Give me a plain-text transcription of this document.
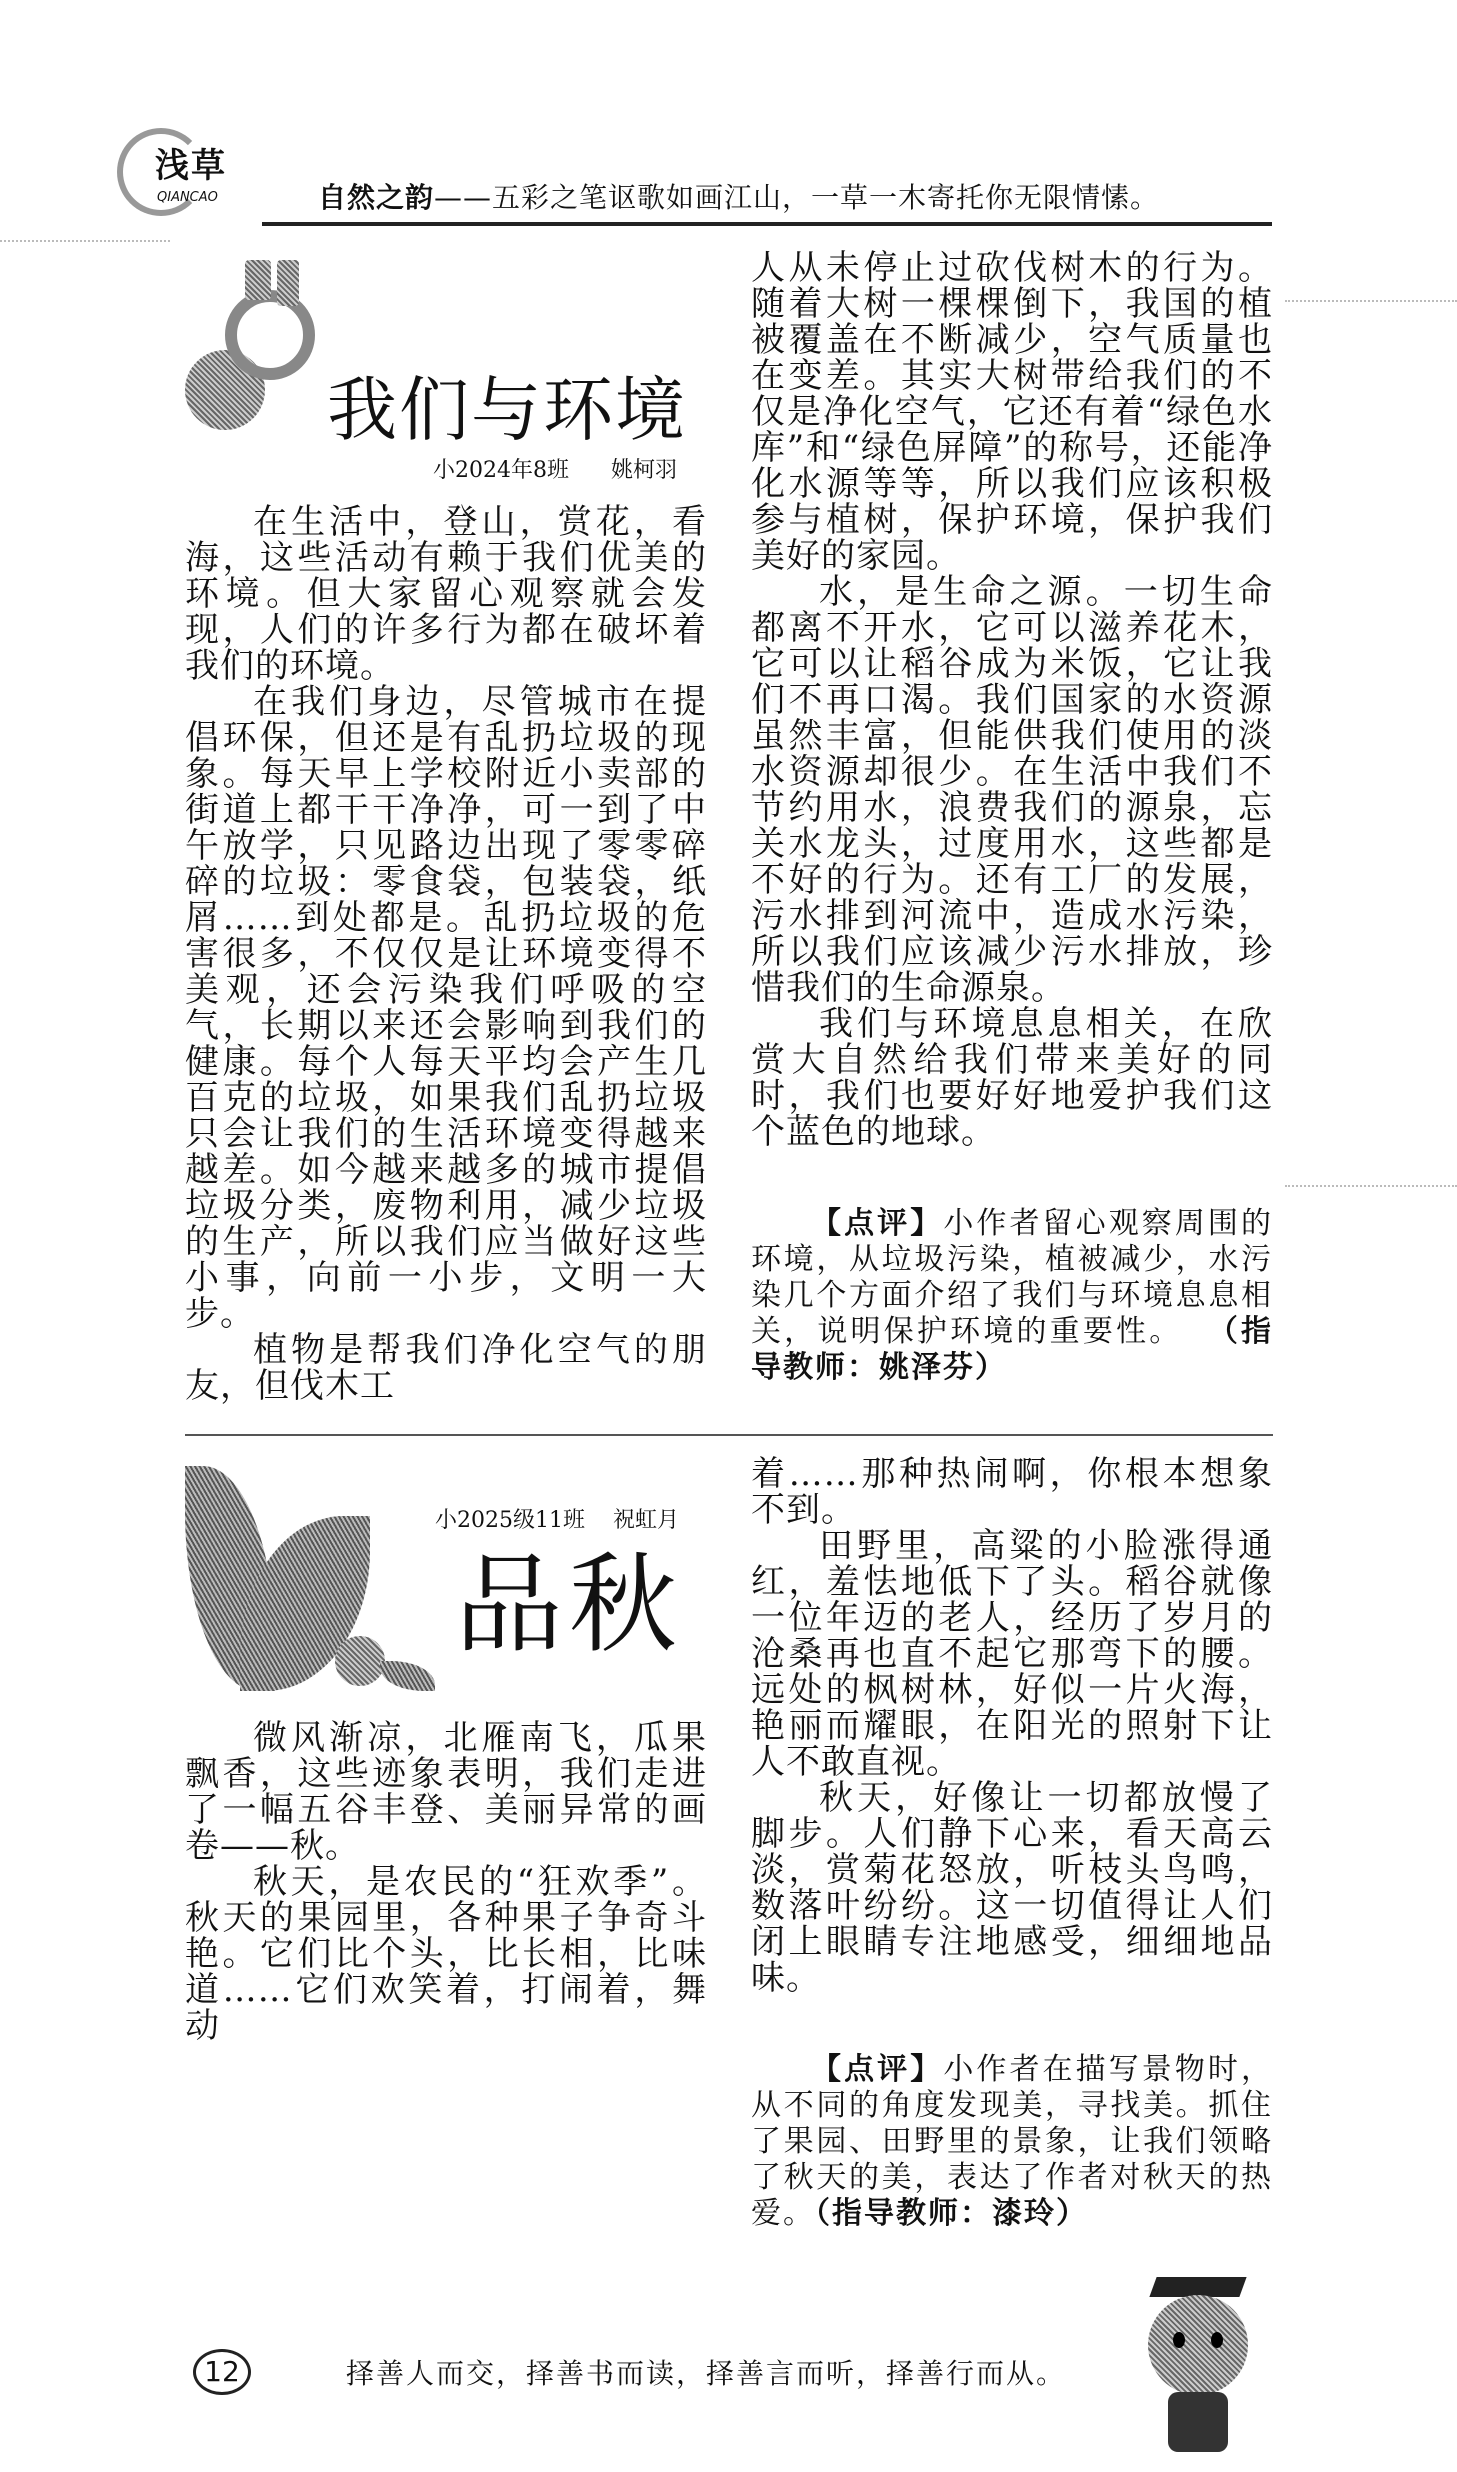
浅草
QIANCAO	自然之韵——五彩之笔讴歌如画江山，一草一木寄托你无限情愫。
我们与环境
小2024年8班 姚柯羽

在生活中，登山，赏花，看海，这些活动有赖于我们优美的环境。但大家留心观察就会发现，人们的许多行为都在破坏着我们的环境。

在我们身边，尽管城市在提倡环保，但还是有乱扔垃圾的现象。每天早上学校附近小卖部的街道上都干干净净，可一到了中午放学，只见路边出现了零零碎碎的垃圾：零食袋，包装袋，纸屑……到处都是。乱扔垃圾的危害很多，不仅仅是让环境变得不美观，还会污染我们呼吸的空气，长期以来还会影响到我们的健康。每个人每天平均会产生几百克的垃圾，如果我们乱扔垃圾只会让我们的生活环境变得越来越差。如今越来越多的城市提倡垃圾分类，废物利用，减少垃圾的生产，所以我们应当做好这些小事，向前一小步，文明一大步。

植物是帮我们净化空气的朋友，但伐木工

人从未停止过砍伐树木的行为。随着大树一棵棵倒下，我国的植被覆盖在不断减少，空气质量也在变差。其实大树带给我们的不仅是净化空气，它还有着“绿色水库”和“绿色屏障”的称号，还能净化水源等等，所以我们应该积极参与植树，保护环境，保护我们美好的家园。

水，是生命之源。一切生命都离不开水，它可以滋养花木，它可以让稻谷成为米饭，它让我们不再口渴。我们国家的水资源虽然丰富，但能供我们使用的淡水资源却很少。在生活中我们不节约用水，浪费我们的源泉，忘关水龙头，过度用水，这些都是不好的行为。还有工厂的发展，污水排到河流中，造成水污染，所以我们应该减少污水排放，珍惜我们的生命源泉。

我们与环境息息相关，在欣赏大自然给我们带来美好的同时，我们也要好好地爱护我们这个蓝色的地球。

【点评】小作者留心观察周围的环境，从垃圾污染，植被减少，水污染几个方面介绍了我们与环境息息相关，说明保护环境的重要性。 （指导教师：姚泽芬）

小2025级11班 祝虹月
品秋

微风渐凉，北雁南飞，瓜果飘香，这些迹象表明，我们走进了一幅五谷丰登、美丽异常的画卷——秋。

秋天，是农民的“狂欢季”。秋天的果园里，各种果子争奇斗艳。它们比个头，比长相，比味道……它们欢笑着，打闹着，舞动

着……那种热闹啊，你根本想象不到。

田野里，高粱的小脸涨得通红，羞怯地低下了头。稻谷就像一位年迈的老人，经历了岁月的沧桑再也直不起它那弯下的腰。远处的枫树林，好似一片火海，艳丽而耀眼，在阳光的照射下让人不敢直视。

秋天，好像让一切都放慢了脚步。人们静下心来，看天高云淡，赏菊花怒放，听枝头鸟鸣，数落叶纷纷。这一切值得让人们闭上眼睛专注地感受，细细地品味。

【点评】小作者在描写景物时，从不同的角度发现美，寻找美。抓住了果园、田野里的景象，让我们领略了秋天的美，表达了作者对秋天的热爱。（指导教师：漆玲）

12	择善人而交，择善书而读，择善言而听，择善行而从。
